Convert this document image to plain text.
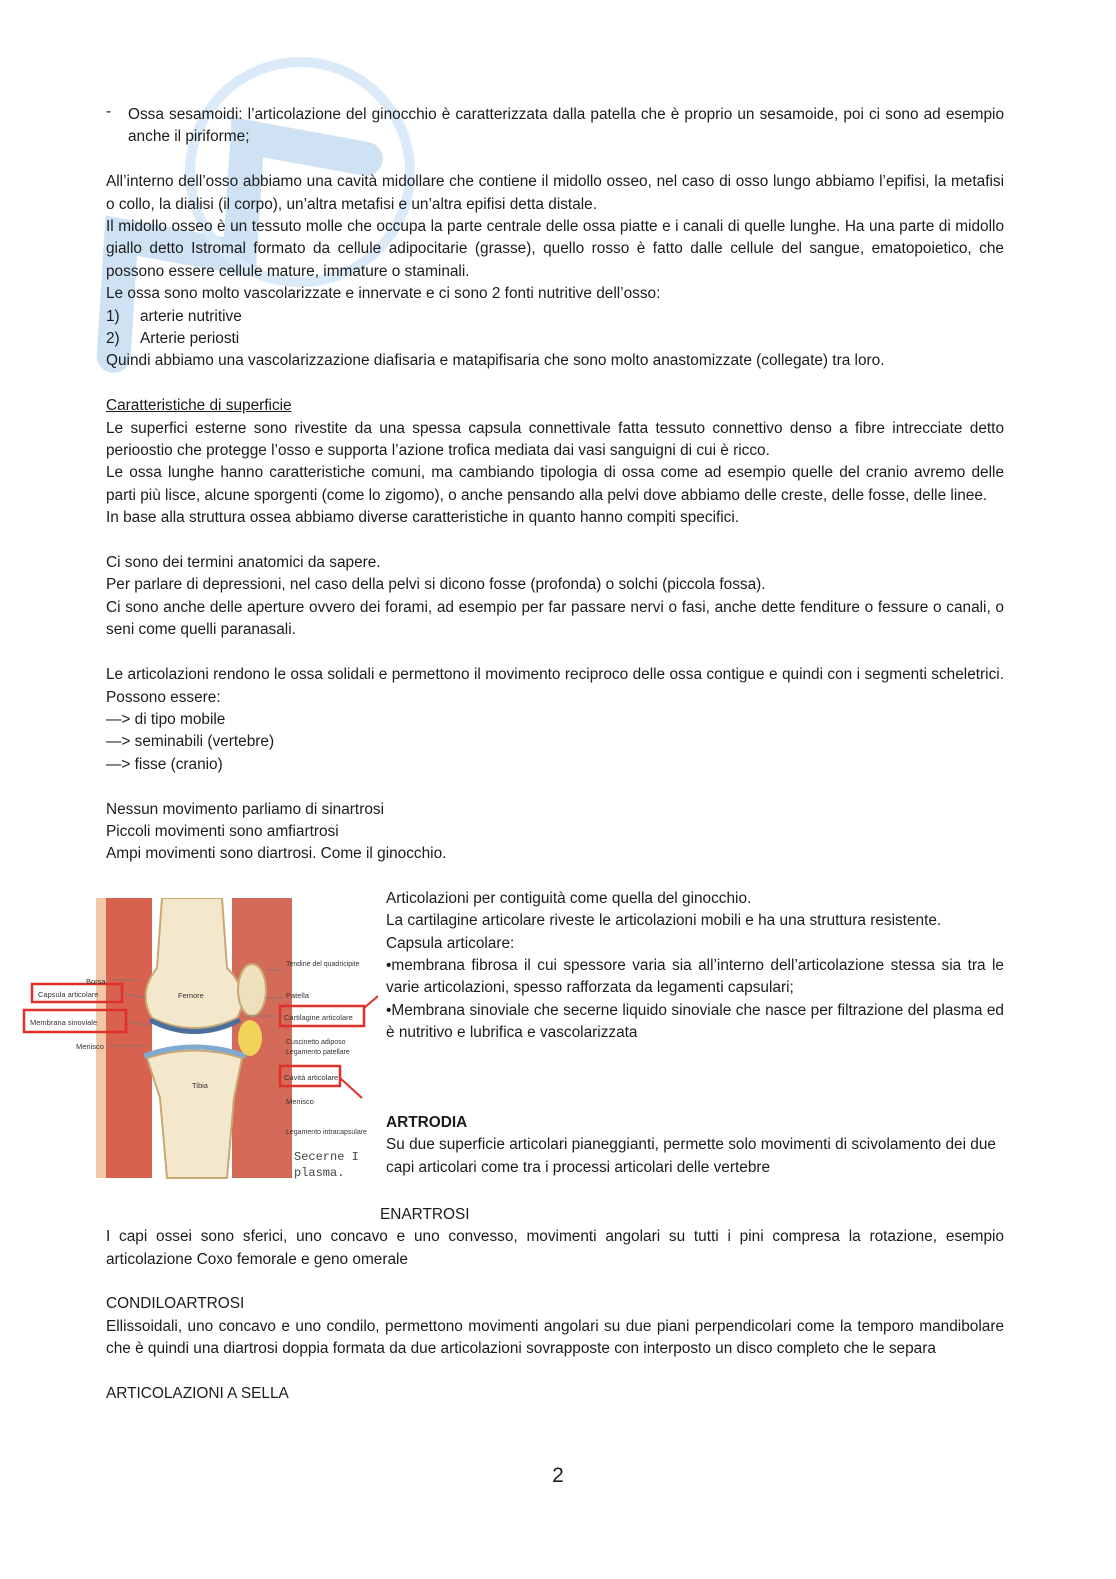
- Ossa sesamoidi: l’articolazione del ginocchio è caratterizzata dalla patella che è proprio un sesamoide, poi ci sono ad esempio anche il piriforme;

All’interno dell’osso abbiamo una cavità midollare che contiene il midollo osseo, nel caso di osso lungo abbiamo l’epifisi, la metafisi o collo, la dialisi (il corpo), un’altra metafisi e un’altra epifisi detta distale.

Il midollo osseo è un tessuto molle che occupa la parte centrale delle ossa piatte e i canali di quelle lunghe. Ha una parte di midollo giallo detto Istromal formato da cellule adipocitarie (grasse), quello rosso è fatto dalle cellule del sangue, ematopoietico, che possono essere cellule mature, immature o staminali.

Le ossa sono molto vascolarizzate e innervate e ci sono 2 fonti nutritive dell’osso:

1)	arterie nutritive
2)	Arterie periosti

Quindi abbiamo una vascolarizzazione diafisaria e matapifisaria che sono molto anastomizzate (collegate) tra loro.

Caratteristiche di superficie

Le superfici esterne sono rivestite da una spessa capsula connettivale fatta tessuto connettivo denso a fibre intrecciate detto perioostio che protegge l’osso e supporta l’azione trofica mediata dai vasi sanguigni di cui è ricco.

Le ossa lunghe hanno caratteristiche comuni, ma cambiando tipologia di ossa come ad esempio quelle del cranio avremo delle parti più lisce, alcune sporgenti (come lo zigomo), o anche pensando alla pelvi dove abbiamo delle creste, delle fosse, delle linee.

In base alla struttura ossea abbiamo diverse caratteristiche in quanto hanno compiti specifici.

Ci sono dei termini anatomici da sapere.

Per parlare di depressioni, nel caso della pelvi si dicono fosse (profonda) o solchi (piccola fossa).

Ci sono anche delle aperture ovvero dei forami, ad esempio per far passare nervi o fasi, anche dette fenditure o fessure o canali, o seni come quelli paranasali.

Le articolazioni rendono le ossa solidali e permettono il movimento reciproco delle ossa contigue e quindi con i segmenti scheletrici. Possono essere:

—> di tipo mobile

—> seminabili (vertebre)

—> fisse (cranio)

Nessun movimento parliamo di sinartrosi

Piccoli movimenti sono amfiartrosi

Ampi movimenti sono diartrosi. Come il ginocchio.

Borsa
Capsula articolare
Membrana sinoviale
Menisco
Femore
Tibia
Tendine del quadricipite
Patella
Cartilagine articolare
Cuscinetto adiposo
Legamento patellare
Cavità articolare
Menisco
Legamento intracapsulare
Secerne I
plasma.

Articolazioni per contiguità come quella del ginocchio.

La cartilagine articolare riveste le articolazioni mobili e ha una struttura resistente.

Capsula articolare:

•membrana fibrosa il cui spessore varia sia all’interno dell’articolazione stessa sia tra le varie articolazioni, spesso rafforzata da legamenti capsulari;

•Membrana sinoviale che secerne liquido sinoviale che nasce per filtrazione del plasma ed è nutritivo e lubrifica e vascolarizzata

ARTRODIA

Su due superficie articolari pianeggianti, permette solo movimenti di scivolamento dei due capi articolari come tra i processi articolari delle vertebre

ENARTROSI

I capi ossei sono sferici, uno concavo e uno convesso, movimenti angolari su tutti i pini compresa la rotazione, esempio articolazione Coxo femorale e geno omerale

CONDILOARTROSI

Ellissoidali, uno concavo e uno condilo, permettono movimenti angolari su due piani perpendicolari come la temporo mandibolare che è quindi una diartrosi doppia formata da due articolazioni sovrapposte con interposto un disco completo che le separa

ARTICOLAZIONI A SELLA

2
